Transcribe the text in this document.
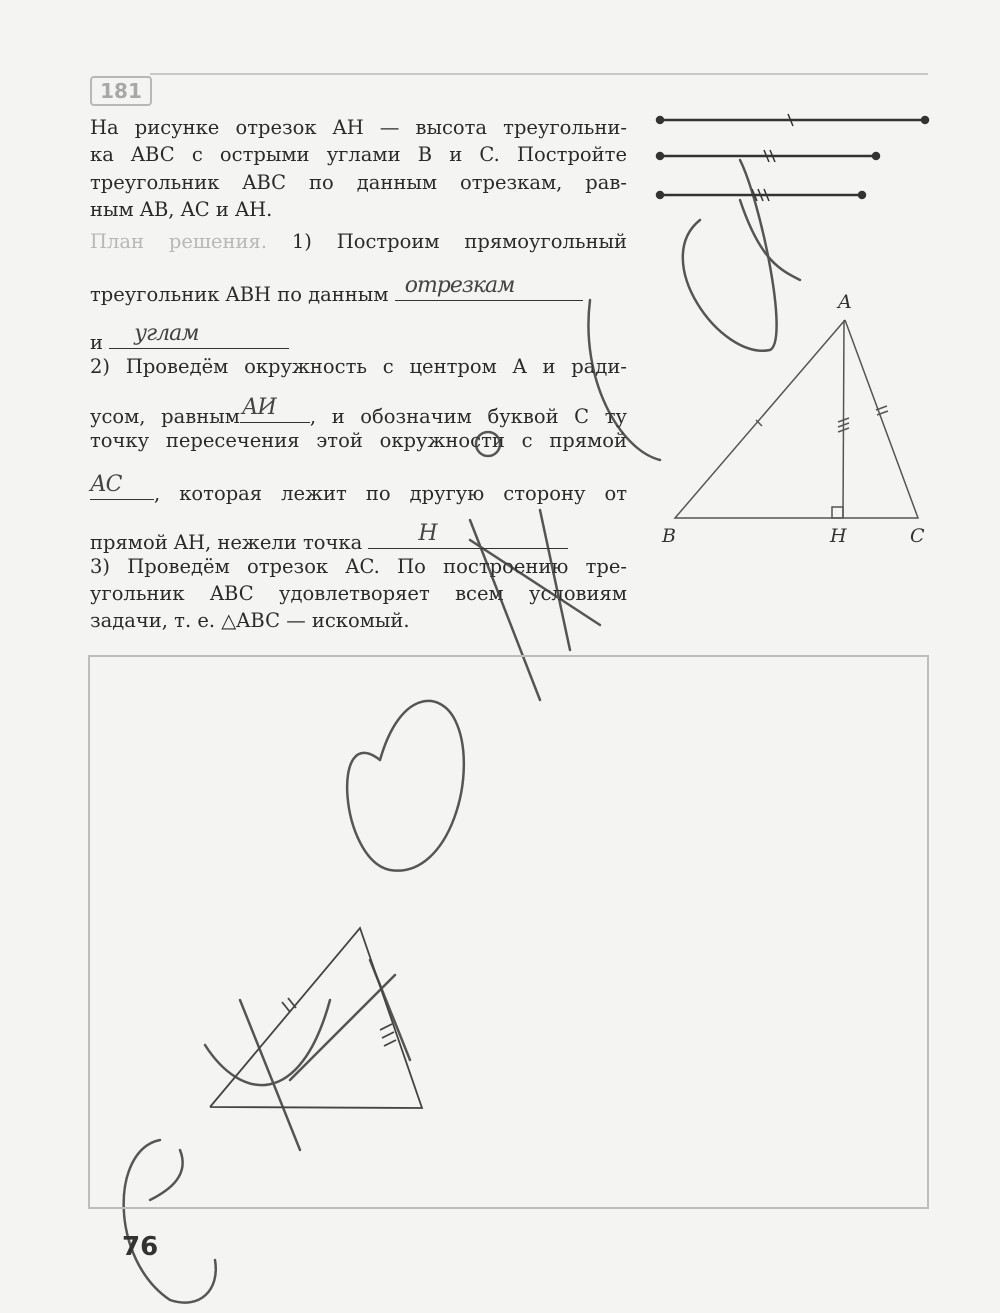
181
На рисунке отрезок AH — высота треугольни-
ка ABC с острыми углами B и C. Постройте
треугольник ABC по данным отрезкам, рав-
ным AB, AC и AH.
План решения. 1) Построим прямоугольный
треугольник ABH по данным отрезкам
и углам
2) Проведём окружность с центром A и ради-
усом, равным АИ , и обозначим буквой C ту
точку пересечения этой окружности с прямой
АС , которая лежит по другую сторону от
прямой AH, нежели точка	Н
3) Проведём отрезок AC. По построению тре-
угольник ABC удовлетворяет всем условиям
задачи, т. е. △ABC — искомый.
A
B	H	C
76
